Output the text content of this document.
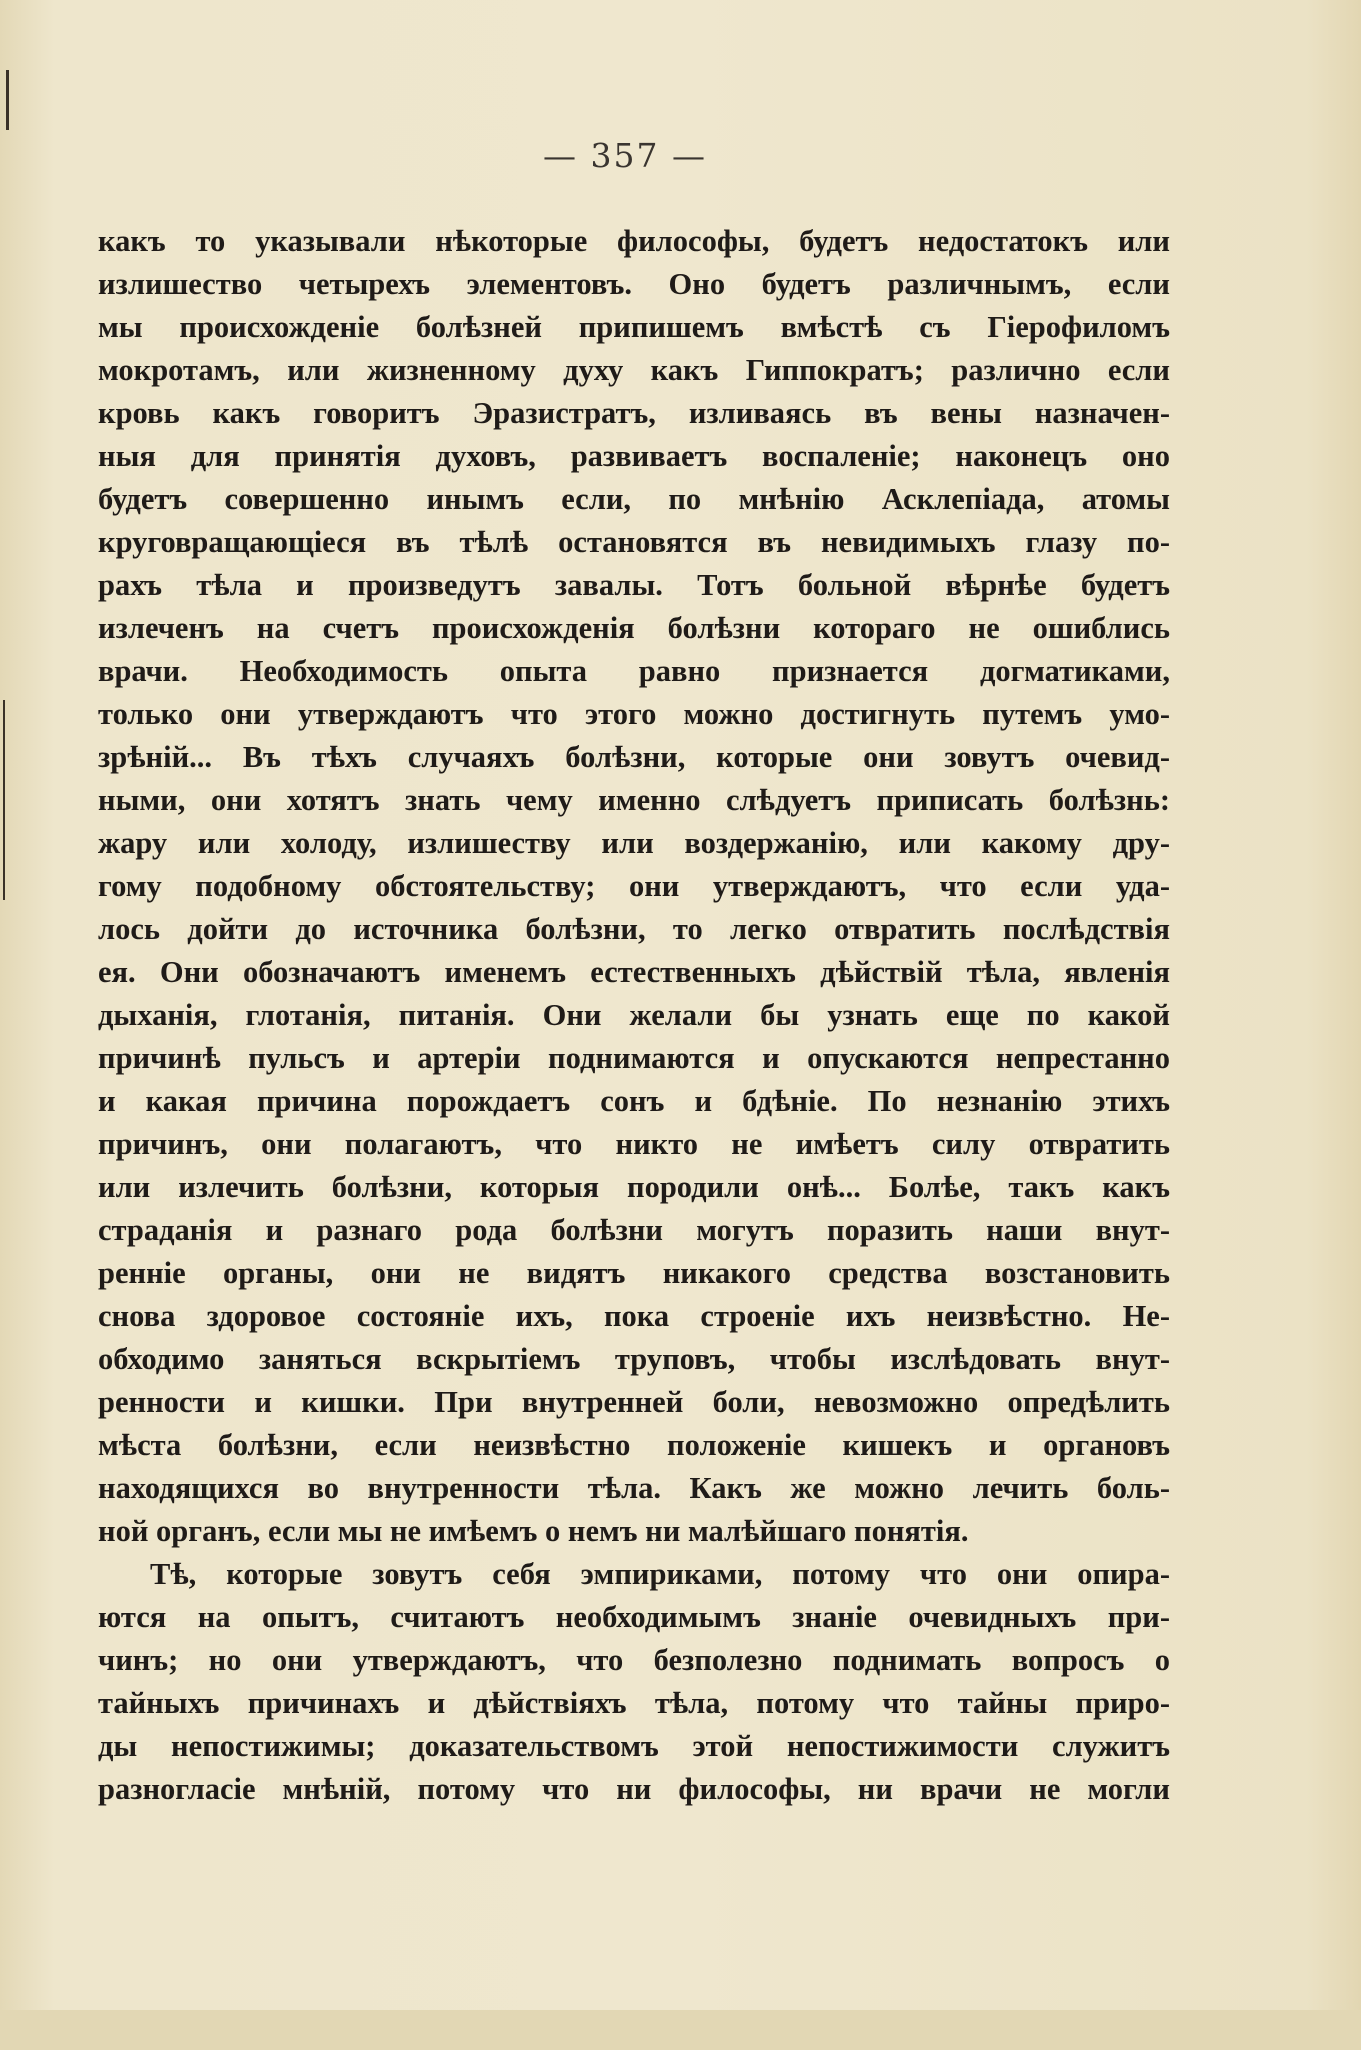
— 357 —
какъ то указывали нѣкоторые философы, будетъ недостатокъ или
излишество четырехъ элементовъ. Оно будетъ различнымъ, если
мы происхожденіе болѣзней припишемъ вмѣстѣ съ Гіерофиломъ
мокротамъ, или жизненному духу какъ Гиппократъ; различно если
кровь какъ говоритъ Эразистратъ, изливаясь въ вены назначен-
ныя для принятія духовъ, развиваетъ воспаленіе; наконецъ оно
будетъ совершенно инымъ если, по мнѣнію Асклепіада, атомы
круговращающіеся въ тѣлѣ остановятся въ невидимыхъ глазу по-
рахъ тѣла и произведутъ завалы. Тотъ больной вѣрнѣе будетъ
излеченъ на счетъ происхожденія болѣзни котораго не ошиблись
врачи. Необходимость опыта равно признается догматиками,
только они утверждаютъ что этого можно достигнуть путемъ умо-
зрѣній... Въ тѣхъ случаяхъ болѣзни, которые они зовутъ очевид-
ными, они хотятъ знать чему именно слѣдуетъ приписать болѣзнь:
жару или холоду, излишеству или воздержанію, или какому дру-
гому подобному обстоятельству; они утверждаютъ, что если уда-
лось дойти до источника болѣзни, то легко отвратить послѣдствія
ея. Они обозначаютъ именемъ естественныхъ дѣйствій тѣла, явленія
дыханія, глотанія, питанія. Они желали бы узнать еще по какой
причинѣ пульсъ и артеріи поднимаются и опускаются непрестанно
и какая причина порождаетъ сонъ и бдѣніе. По незнанію этихъ
причинъ, они полагаютъ, что никто не имѣетъ силу отвратить
или излечить болѣзни, которыя породили онѣ... Болѣе, такъ какъ
страданія и разнаго рода болѣзни могутъ поразить наши внут-
ренніе органы, они не видятъ никакого средства возстановить
снова здоровое состояніе ихъ, пока строеніе ихъ неизвѣстно. Не-
обходимо заняться вскрытіемъ труповъ, чтобы изслѣдовать внут-
ренности и кишки. При внутренней боли, невозможно опредѣлить
мѣста болѣзни, если неизвѣстно положеніе кишекъ и органовъ
находящихся во внутренности тѣла. Какъ же можно лечить боль-
ной органъ, если мы не имѣемъ о немъ ни малѣйшаго понятія.
Тѣ, которые зовутъ себя эмпириками, потому что они опира-
ются на опытъ, считаютъ необходимымъ знаніе очевидныхъ при-
чинъ; но они утверждаютъ, что безполезно поднимать вопросъ о
тайныхъ причинахъ и дѣйствіяхъ тѣла, потому что тайны приро-
ды непостижимы; доказательствомъ этой непостижимости служитъ
разногласіе мнѣній, потому что ни философы, ни врачи не могли
